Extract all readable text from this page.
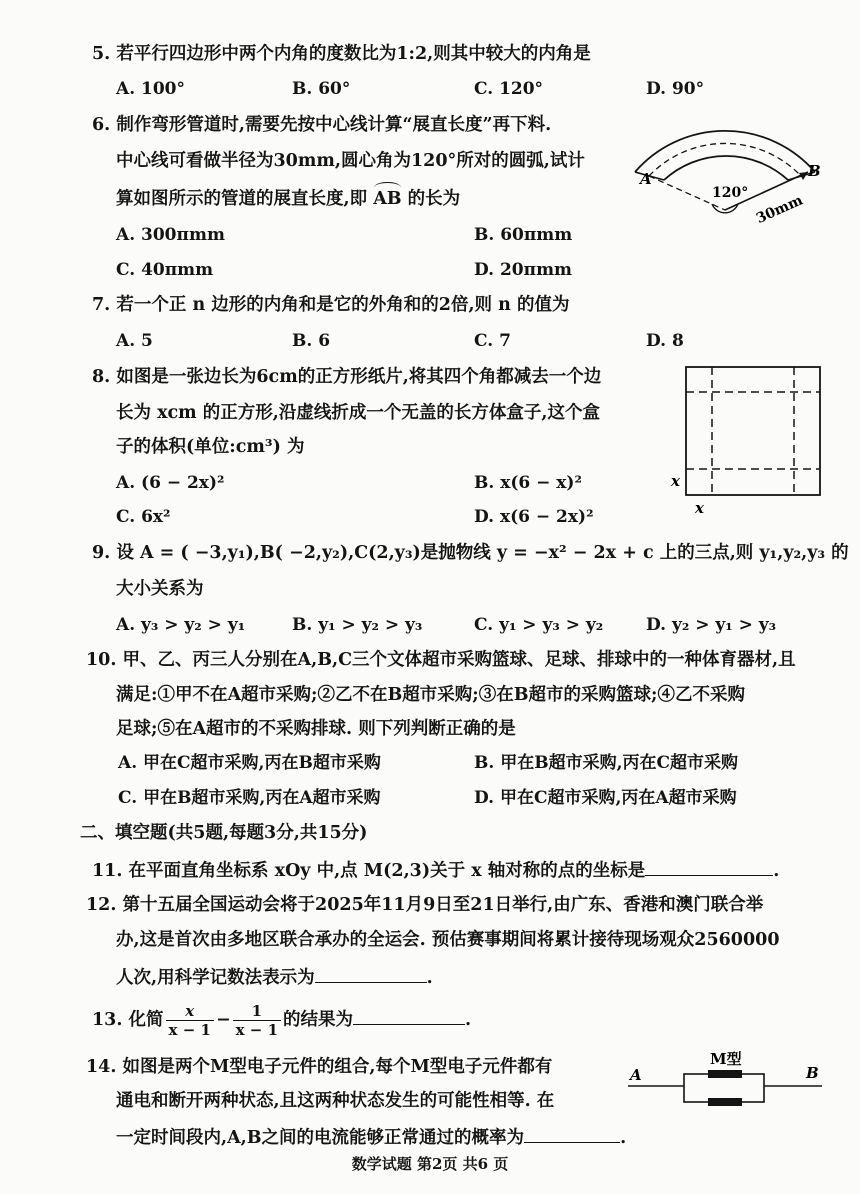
5. 若平行四边形中两个内角的度数比为1:2,则其中较大的内角是
A. 100°	B. 60°	C. 120°	D. 90°
6. 制作弯形管道时,需要先按中心线计算“展直长度”再下料.
中心线可看做半径为30mm,圆心角为120°所对的圆弧,试计
算如图所示的管道的展直长度,即 AB 的长为
A. 300πmm	B. 60πmm
C. 40πmm	D. 20πmm
A	B
120° 30mm
7. 若一个正 n 边形的内角和是它的外角和的2倍,则 n 的值为
A. 5	B. 6	C. 7	D. 8
8. 如图是一张边长为6cm的正方形纸片,将其四个角都减去一个边
长为 xcm 的正方形,沿虚线折成一个无盖的长方体盒子,这个盒
子的体积(单位:cm³) 为
A. (6 − 2x)²	B. x(6 − x)²
C. 6x²	D. x(6 − 2x)²
x
x
9. 设 A = ( −3,y₁),B( −2,y₂),C(2,y₃)是抛物线 y = −x² − 2x + c 上的三点,则 y₁,y₂,y₃ 的
大小关系为
A. y₃ > y₂ > y₁	B. y₁ > y₂ > y₃	C. y₁ > y₃ > y₂	D. y₂ > y₁ > y₃
10. 甲、乙、丙三人分别在A,B,C三个文体超市采购篮球、足球、排球中的一种体育器材,且
满足:①甲不在A超市采购;②乙不在B超市采购;③在B超市的采购篮球;④乙不采购
足球;⑤在A超市的不采购排球. 则下列判断正确的是
A. 甲在C超市采购,丙在B超市采购	B. 甲在B超市采购,丙在C超市采购
C. 甲在B超市采购,丙在A超市采购	D. 甲在C超市采购,丙在A超市采购
二、填空题(共5题,每题3分,共15分)
11. 在平面直角坐标系 xOy 中,点 M(2,3)关于 x 轴对称的点的坐标是	.
12. 第十五届全国运动会将于2025年11月9日至21日举行,由广东、香港和澳门联合举
办,这是首次由多地区联合承办的全运会. 预估赛事期间将累计接待现场观众2560000
人次,用科学记数法表示为	.
13. 化简 $\frac{x}{x - 1} - \frac{1}{x - 1}$ 的结果为	.
14. 如图是两个M型电子元件的组合,每个M型电子元件都有
通电和断开两种状态,且这两种状态发生的可能性相等. 在
一定时间段内,A,B之间的电流能够正常通过的概率为	.
M型
A	B
数学试题 第2页 共6 页
